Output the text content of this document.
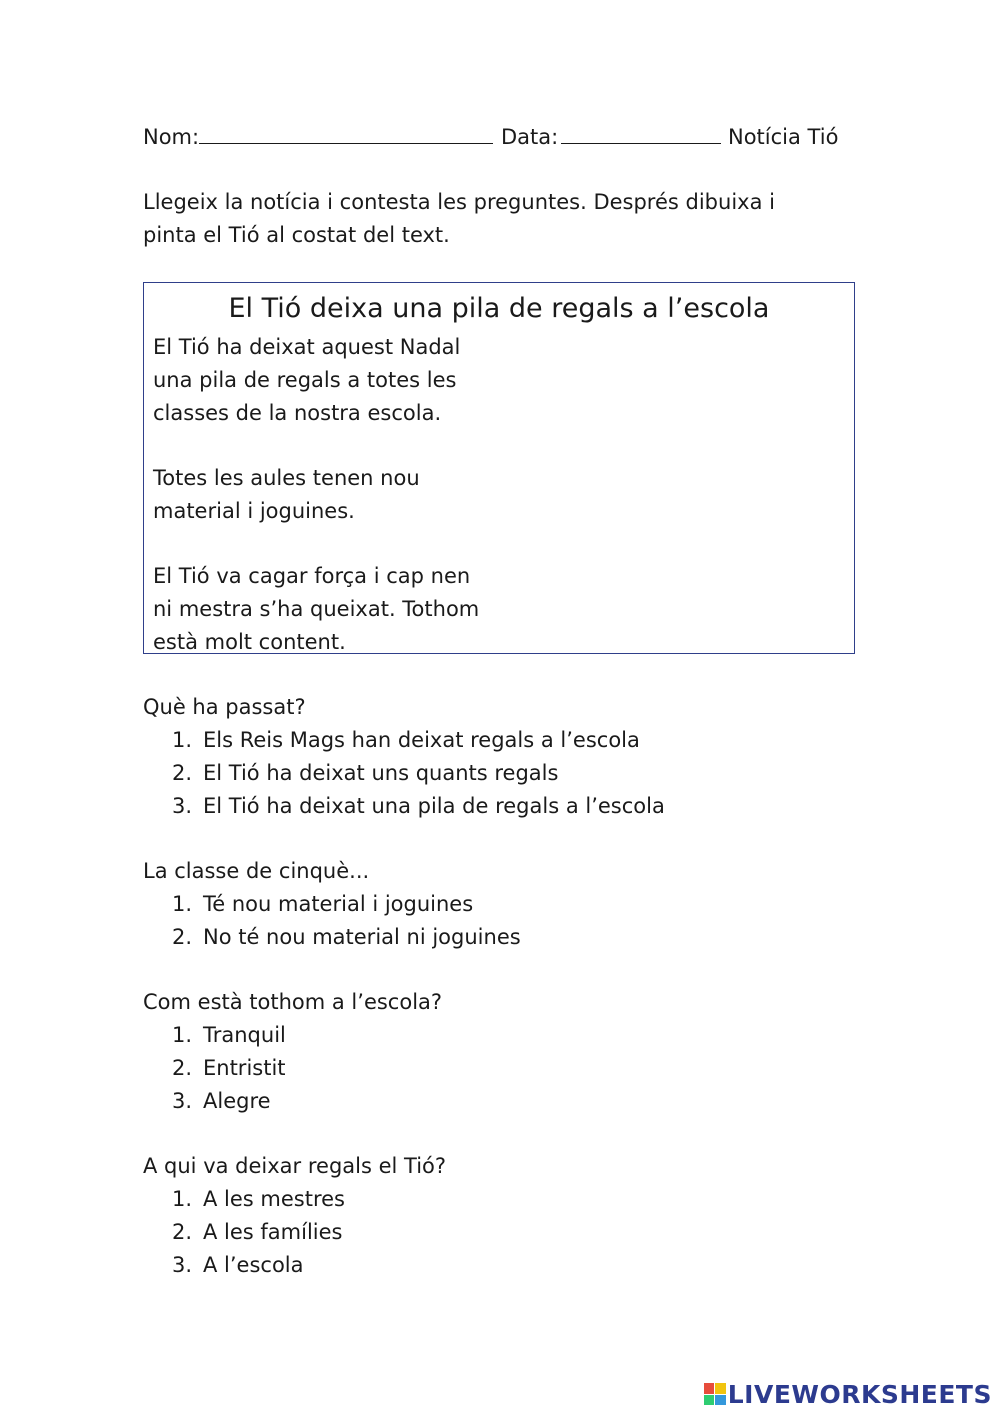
Nom:	Data:	Notícia Tió
Llegeix la notícia i contesta les preguntes. Després dibuixa i
pinta el Tió al costat del text.
El Tió deixa una pila de regals a l’escola
El Tió ha deixat aquest Nadal
una pila de regals a totes les
classes de la nostra escola.
Totes les aules tenen nou
material i joguines.
El Tió va cagar força i cap nen
ni mestra s’ha queixat. Tothom
està molt content.
Què ha passat?
1. Els Reis Mags han deixat regals a l’escola
2. El Tió ha deixat uns quants regals
3. El Tió ha deixat una pila de regals a l’escola
La classe de cinquè...
1. Té nou material i joguines
2. No té nou material ni joguines
Com està tothom a l’escola?
1. Tranquil
2. Entristit
3. Alegre
A qui va deixar regals el Tió?
1. A les mestres
2. A les famílies
3. A l’escola
LIVEWORKSHEETS
